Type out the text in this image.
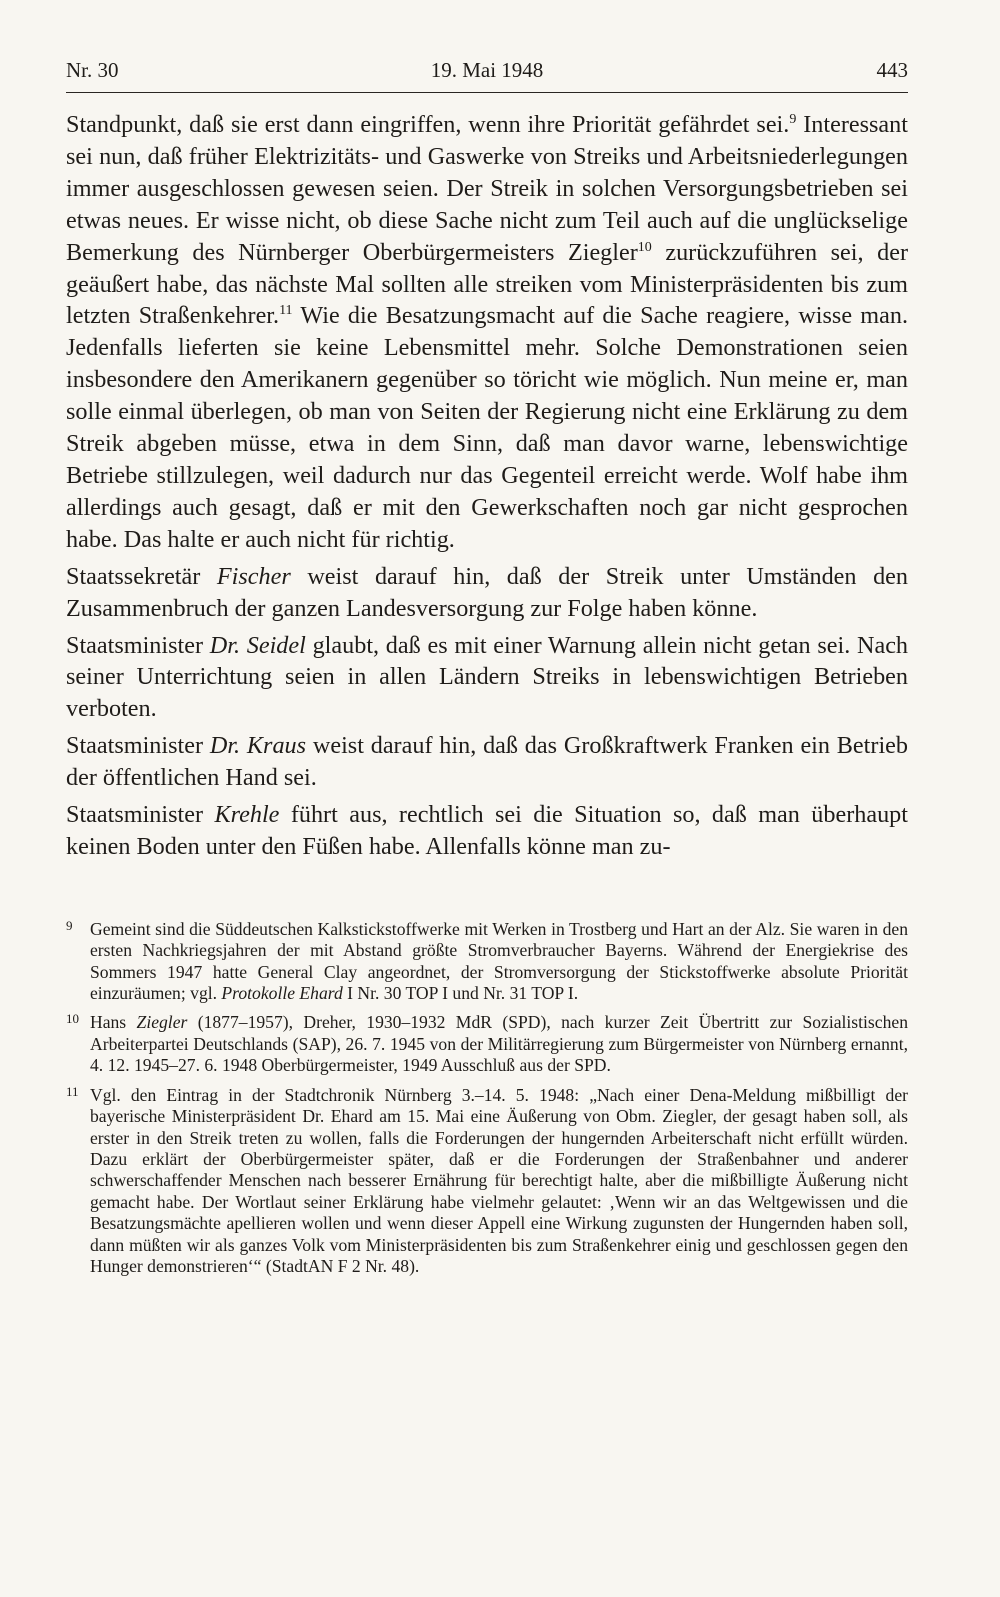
Nr. 30	19. Mai 1948	443

Standpunkt, daß sie erst dann eingriffen, wenn ihre Priorität gefährdet sei.$^9$ Interessant sei nun, daß früher Elektrizitäts- und Gaswerke von Streiks und Arbeitsniederlegungen immer ausgeschlossen gewesen seien. Der Streik in solchen Versorgungsbetrieben sei etwas neues. Er wisse nicht, ob diese Sache nicht zum Teil auch auf die unglückselige Bemerkung des Nürnberger Oberbürgermeisters Ziegler$^{10}$ zurückzuführen sei, der geäußert habe, das nächste Mal sollten alle streiken vom Ministerpräsidenten bis zum letzten Straßenkehrer.$^{11}$ Wie die Besatzungsmacht auf die Sache reagiere, wisse man. Jedenfalls lieferten sie keine Lebensmittel mehr. Solche Demonstrationen seien insbesondere den Amerikanern gegenüber so töricht wie möglich. Nun meine er, man solle einmal überlegen, ob man von Seiten der Regierung nicht eine Erklärung zu dem Streik abgeben müsse, etwa in dem Sinn, daß man davor warne, lebenswichtige Betriebe stillzulegen, weil dadurch nur das Gegenteil erreicht werde. Wolf habe ihm allerdings auch gesagt, daß er mit den Gewerkschaften noch gar nicht gesprochen habe. Das halte er auch nicht für richtig.

Staatssekretär Fischer weist darauf hin, daß der Streik unter Umständen den Zusammenbruch der ganzen Landesversorgung zur Folge haben könne.

Staatsminister Dr. Seidel glaubt, daß es mit einer Warnung allein nicht getan sei. Nach seiner Unterrichtung seien in allen Ländern Streiks in lebenswichtigen Betrieben verboten.

Staatsminister Dr. Kraus weist darauf hin, daß das Großkraftwerk Franken ein Betrieb der öffentlichen Hand sei.

Staatsminister Krehle führt aus, rechtlich sei die Situation so, daß man überhaupt keinen Boden unter den Füßen habe. Allenfalls könne man zu-

9 Gemeint sind die Süddeutschen Kalkstickstoffwerke mit Werken in Trostberg und Hart an der Alz. Sie waren in den ersten Nachkriegsjahren der mit Abstand größte Stromverbraucher Bayerns. Während der Energiekrise des Sommers 1947 hatte General Clay angeordnet, der Stromversorgung der Stickstoffwerke absolute Priorität einzuräumen; vgl. Protokolle Ehard I Nr. 30 TOP I und Nr. 31 TOP I.
10 Hans Ziegler (1877–1957), Dreher, 1930–1932 MdR (SPD), nach kurzer Zeit Übertritt zur Sozialistischen Arbeiterpartei Deutschlands (SAP), 26. 7. 1945 von der Militärregierung zum Bürgermeister von Nürnberg ernannt, 4. 12. 1945–27. 6. 1948 Oberbürgermeister, 1949 Ausschluß aus der SPD.
11 Vgl. den Eintrag in der Stadtchronik Nürnberg 3.–14. 5. 1948: „Nach einer Dena-Meldung mißbilligt der bayerische Ministerpräsident Dr. Ehard am 15. Mai eine Äußerung von Obm. Ziegler, der gesagt haben soll, als erster in den Streik treten zu wollen, falls die Forderungen der hungernden Arbeiterschaft nicht erfüllt würden. Dazu erklärt der Oberbürgermeister später, daß er die Forderungen der Straßenbahner und anderer schwerschaffender Menschen nach besserer Ernährung für berechtigt halte, aber die mißbilligte Äußerung nicht gemacht habe. Der Wortlaut seiner Erklärung habe vielmehr gelautet: ‚Wenn wir an das Weltgewissen und die Besatzungsmächte apellieren wollen und wenn dieser Appell eine Wirkung zugunsten der Hungernden haben soll, dann müßten wir als ganzes Volk vom Ministerpräsidenten bis zum Straßenkehrer einig und geschlossen gegen den Hunger demonstrieren‘“ (StadtAN F 2 Nr. 48).
